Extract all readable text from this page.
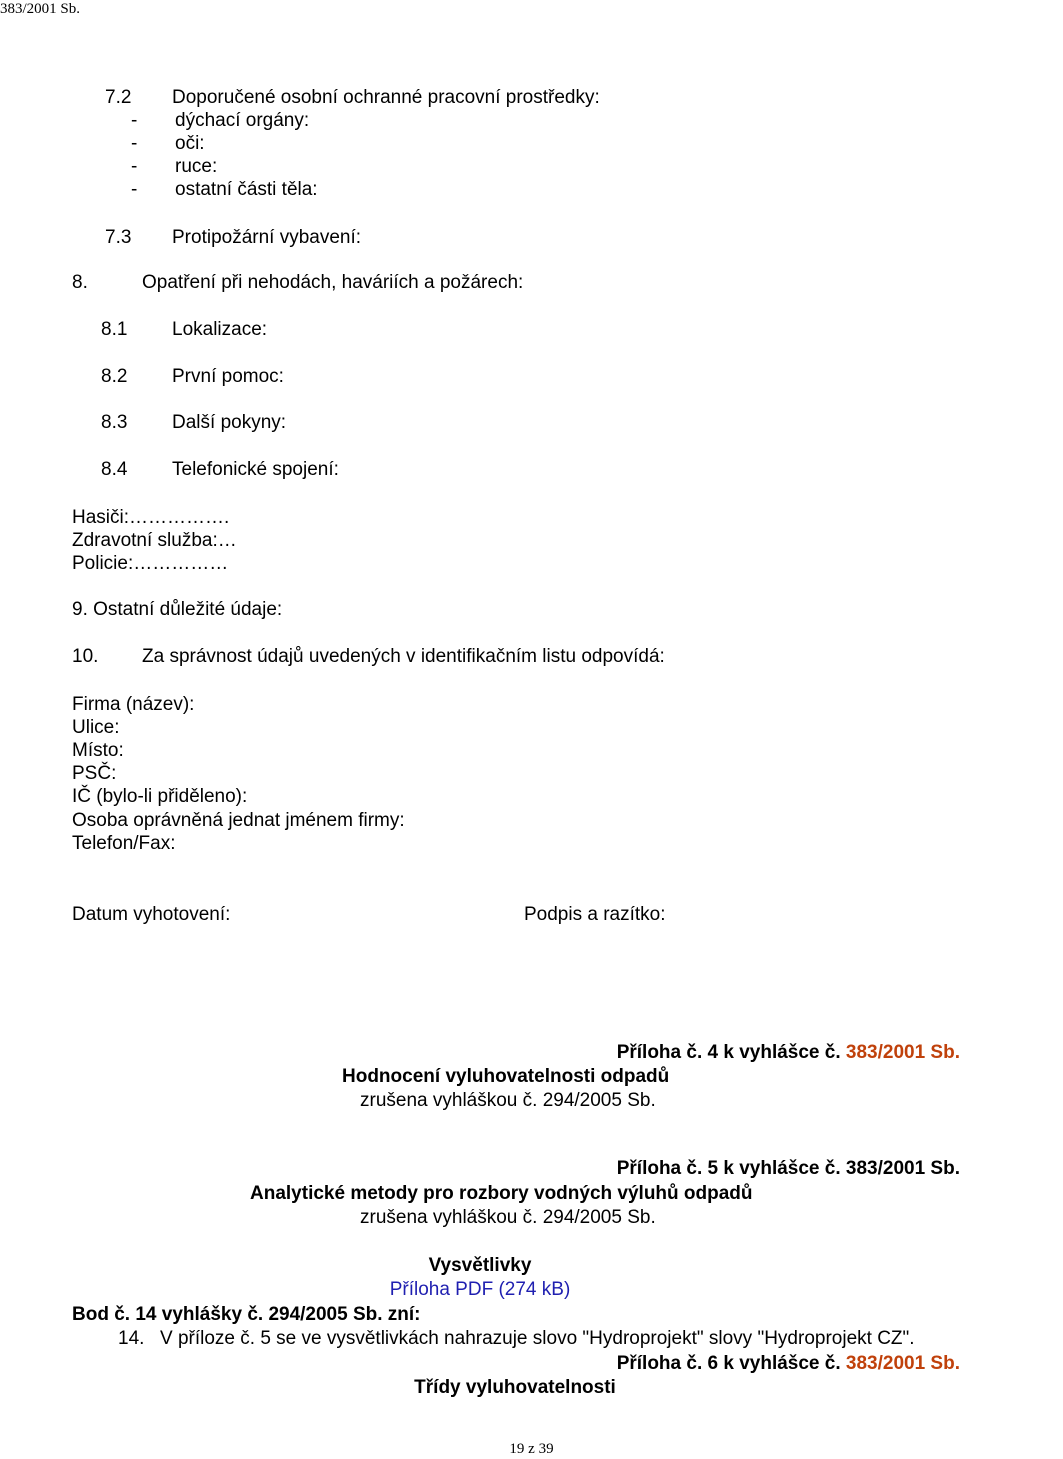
383/2001 Sb.
7.2 Doporučené osobní ochranné pracovní prostředky:
- dýchací orgány:
- oči:
- ruce:
- ostatní části těla:
7.3 Protipožární vybavení:
8.	Opatření při nehodách, haváriích a požárech:
8.1 Lokalizace:
8.2 První pomoc:
8.3 Další pokyny:
8.4 Telefonické spojení:
Hasiči:…………….
Zdravotní služba:…
Policie:……………
9. Ostatní důležité údaje:
10. Za správnost údajů uvedených v identifikačním listu odpovídá:
Firma (název):
Ulice:
Místo:
PSČ:
IČ (bylo-li přiděleno):
Osoba oprávněná jednat jménem firmy:
Telefon/Fax:
Datum vyhotovení:	Podpis a razítko:
Příloha č. 4 k vyhlášce č. 383/2001 Sb.
Hodnocení vyluhovatelnosti odpadů
zrušena vyhláškou č. 294/2005 Sb.
Příloha č. 5 k vyhlášce č. 383/2001 Sb.
Analytické metody pro rozbory vodných výluhů odpadů
zrušena vyhláškou č. 294/2005 Sb.
Vysvětlivky
Příloha PDF (274 kB)
Bod č. 14 vyhlášky č. 294/2005 Sb. zní:
14. V příloze č. 5 se ve vysvětlivkách nahrazuje slovo "Hydroprojekt" slovy "Hydroprojekt CZ".
Příloha č. 6 k vyhlášce č. 383/2001 Sb.
Třídy vyluhovatelnosti
19 z 39
